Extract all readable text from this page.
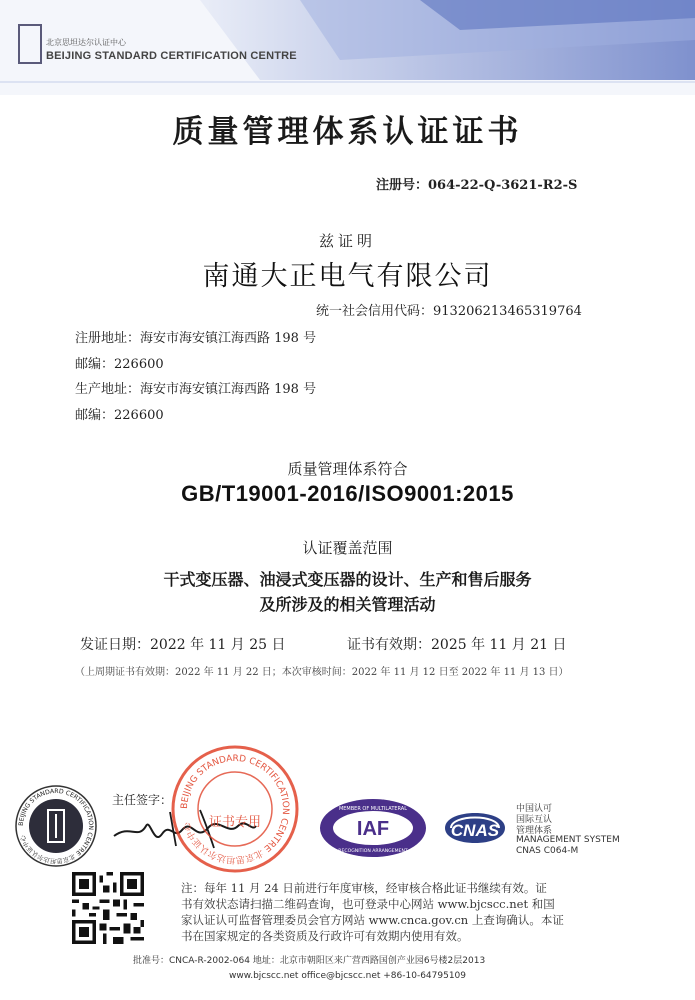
北京思坦达尔认证中心
BEIJING STANDARD CERTIFICATION CENTRE
质量管理体系认证证书
注册号：064-22-Q-3621-R2-S
兹证明
南通大正电气有限公司
统一社会信用代码：913206213465319764
注册地址：海安市海安镇江海西路 198 号
邮编：226600
生产地址：海安市海安镇江海西路 198 号
邮编：226600
质量管理体系符合
GB/T19001-2016/ISO9001:2015
认证覆盖范围
干式变压器、油浸式变压器的设计、生产和售后服务
及所涉及的相关管理活动
发证日期：2022 年 11 月 25 日	证书有效期：2025 年 11 月 21 日
（上周期证书有效期：2022 年 11 月 22 日；本次审核时间：2022 年 11 月 12 日至 2022 年 11 月 13 日）
BEIJING STANDARD CERTIFICATION CENTRE 北京思坦达尔认证中心
主任签字： BEIJING STANDARD CERTIFICATION CENTRE 北京思坦达尔认证中心	证书专用
MEMBER OF MULTILATERAL
IAF
RECOGNITION ARRANGEMENT
CNAS
中国认可
国际互认
管理体系
MANAGEMENT SYSTEM
CNAS C064-M
注：每年 11 月 24 日前进行年度审核，经审核合格此证书继续有效。证
书有效状态请扫描二维码查询，也可登录中心网站 www.bjcscc.net 和国
家认证认可监督管理委员会官方网站 www.cnca.gov.cn 上查询确认。本证
书在国家规定的各类资质及行政许可有效期内使用有效。
批准号：CNCA-R-2002-064 地址：北京市朝阳区来广营西路国创产业园6号楼2层2013
www.bjcscc.net office@bjcscc.net +86-10-64795109
